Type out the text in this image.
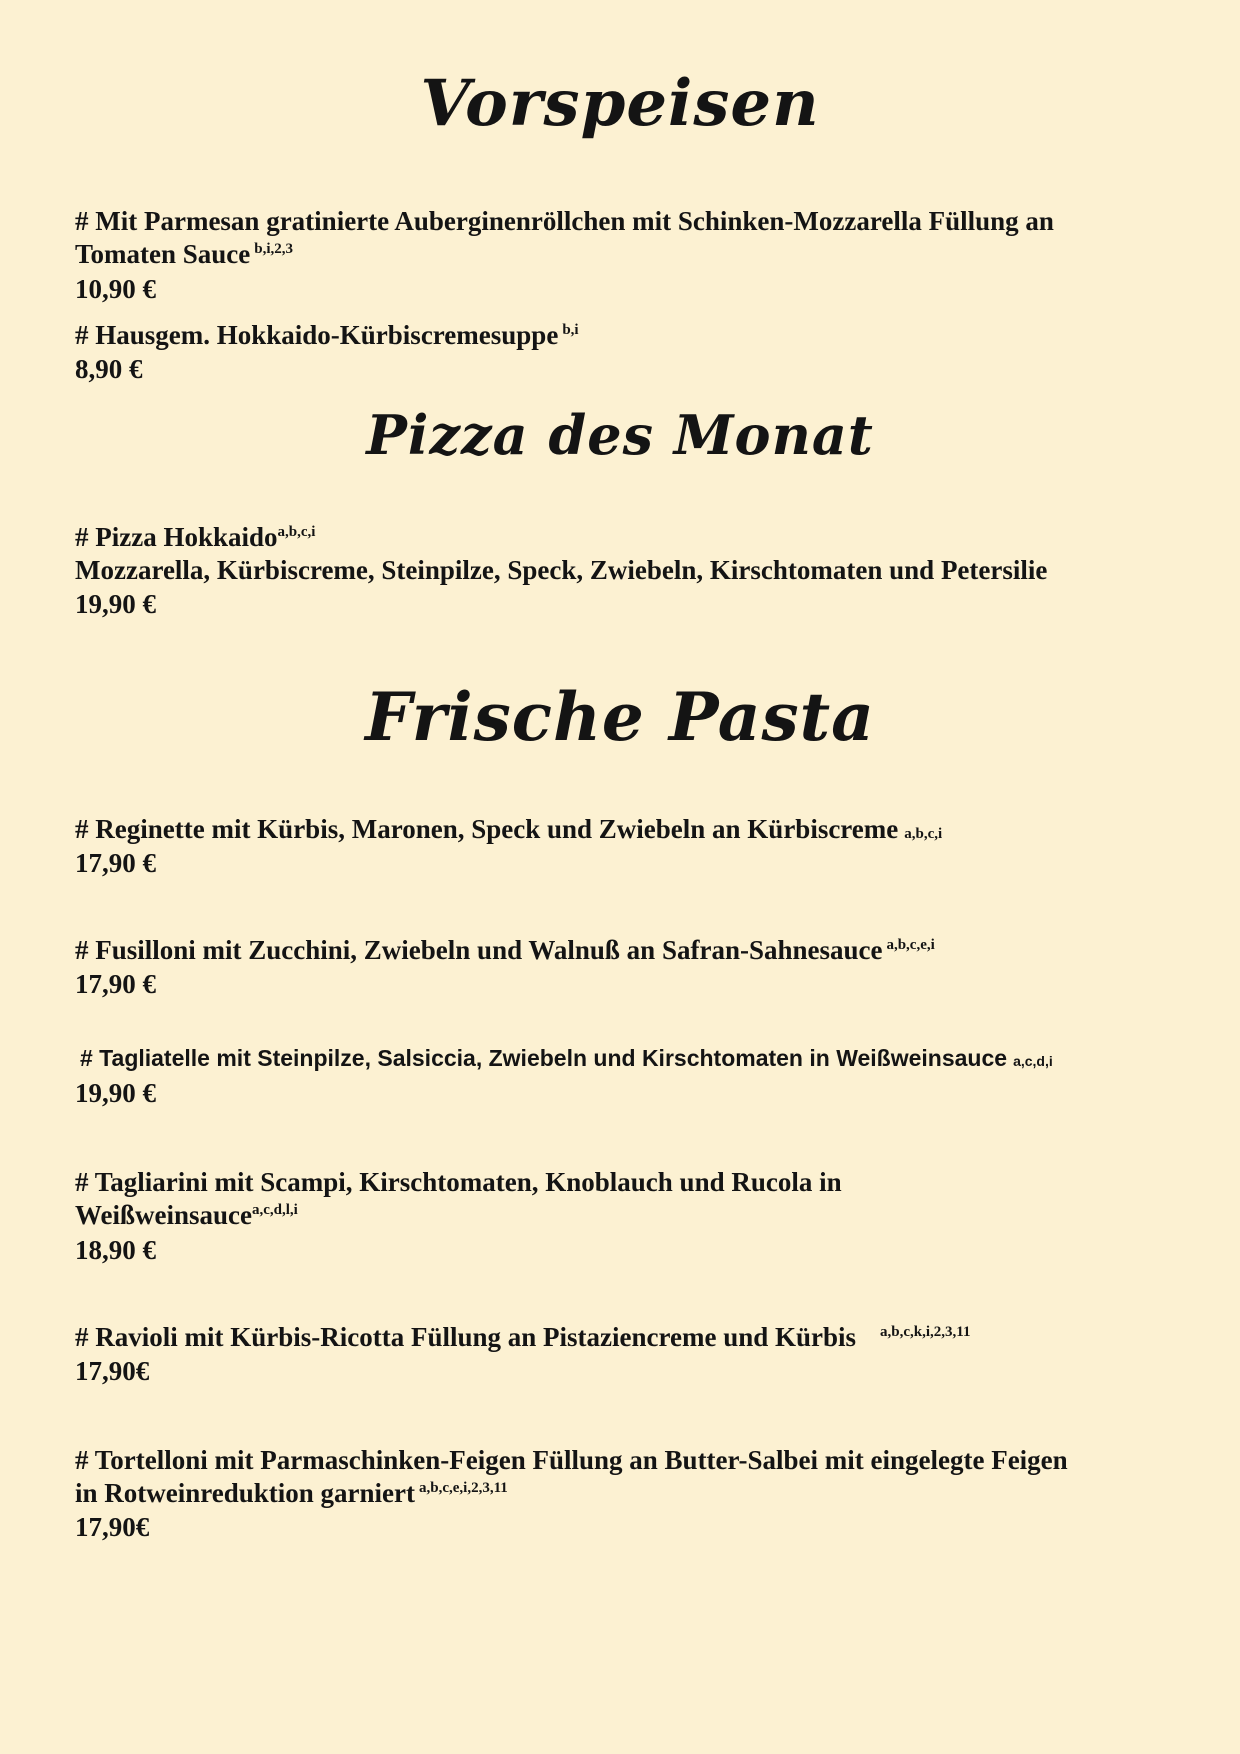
Vorspeisen

# Mit Parmesan gratinierte Auberginenröllchen mit Schinken-Mozzarella Füllung an

Tomaten Sauce $^{b,i,2,3}$

10,90 €

# Hausgem. Hokkaido-Kürbiscremesuppe $^{b,i}$

8,90 €

Pizza des Monat

# Pizza Hokkaido$^{a,b,c,i}$

Mozzarella, Kürbiscreme, Steinpilze, Speck, Zwiebeln, Kirschtomaten und Petersilie

19,90 €

Frische Pasta

# Reginette mit Kürbis, Maronen, Speck und Zwiebeln an Kürbiscreme a,b,c,i

17,90 €

# Fusilloni mit Zucchini, Zwiebeln und Walnuß an Safran-Sahnesauce $^{a,b,c,e,i}$

17,90 €

# Tagliatelle mit Steinpilze, Salsiccia, Zwiebeln und Kirschtomaten in Weißweinsauce a,c,d,i

19,90 €

# Tagliarini mit Scampi, Kirschtomaten, Knoblauch und Rucola in

Weißweinsauce$^{a,c,d,l,i}$

18,90 €

# Ravioli mit Kürbis-Ricotta Füllung an Pistaziencreme und Kürbis $^{a,b,c,k,i,2,3,11}$

17,90€

# Tortelloni mit Parmaschinken-Feigen Füllung an Butter-Salbei mit eingelegte Feigen

in Rotweinreduktion garniert $^{a,b,c,e,i,2,3,11}$

17,90€
